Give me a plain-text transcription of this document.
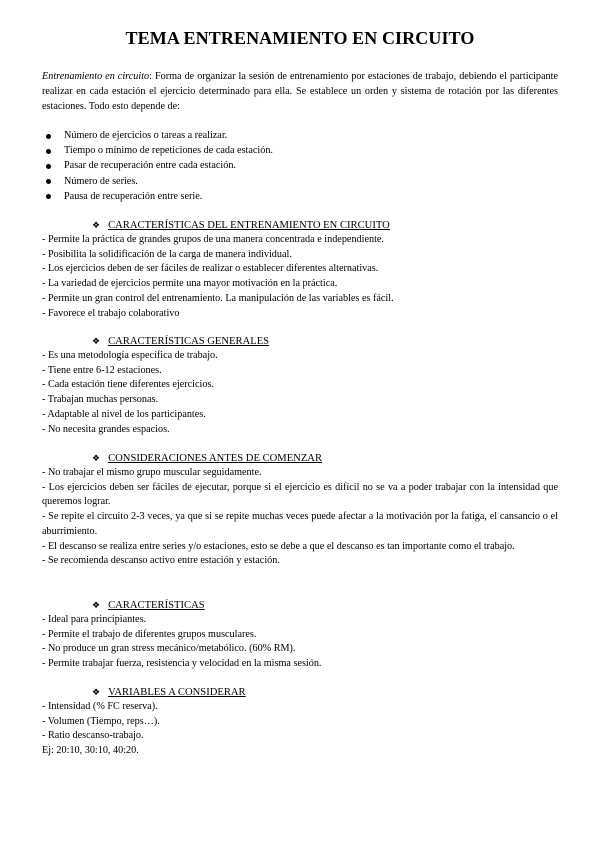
TEMA ENTRENAMIENTO EN CIRCUITO

Entrenamiento en circuito: Forma de organizar la sesión de entrenamiento por estaciones de trabajo, debiendo el participante realizar en cada estación el ejercicio determinado para ella. Se establece un orden y sistema de rotación por las diferentes estaciones. Todo esto depende de:

Número de ejercicios o tareas a realizar.
Tiempo o mínimo de repeticiones de cada estación.
Pasar de recuperación entre cada estación.
Número de series.
Pausa de recuperación entre serie.
❖ CARACTERÍSTICAS DEL ENTRENAMIENTO EN CIRCUITO
- Permite la práctica de grandes grupos de una manera concentrada e independiente.
- Posibilita la solidificación de la carga de manera individual.
- Los ejercicios deben de ser fáciles de realizar o establecer diferentes alternativas.
- La variedad de ejercicios permite una mayor motivación en la práctica.
- Permite un gran control del entrenamiento. La manipulación de las variables es fácil.
- Favorece el trabajo colaborativo
❖ CARACTERÍSTICAS GENERALES
- Es una metodología específica de trabajo.
- Tiene entre 6-12 estaciones.
- Cada estación tiene diferentes ejercicios.
- Trabajan muchas personas.
- Adaptable al nivel de los participantes.
- No necesita grandes espacios.
❖ CONSIDERACIONES ANTES DE COMENZAR
- No trabajar el mismo grupo muscular seguidamente.
- Los ejercicios deben ser fáciles de ejecutar, porque si el ejercicio es difícil no se va a poder trabajar con la intensidad que queremos lograr.
- Se repite el circuito 2-3 veces, ya que si se repite muchas veces puede afectar a la motivación por la fatiga, el cansancio o el aburrimiento.
- El descanso se realiza entre series y/o estaciones, esto se debe a que el descanso es tan importante como el trabajo.
- Se recomienda descanso activo entre estación y estación.
❖ CARACTERÍSTICAS
- Ideal para principiantes.
- Permite el trabajo de diferentes grupos musculares.
- No produce un gran stress mecánico/metabólico. (60% RM).
- Permite trabajar fuerza, resistencia y velocidad en la misma sesión.
❖ VARIABLES A CONSIDERAR
- Intensidad (% FC reserva).
- Volumen (Tiempo, reps…).
- Ratio descanso-trabajo.
Ej: 20:10, 30:10, 40:20.
